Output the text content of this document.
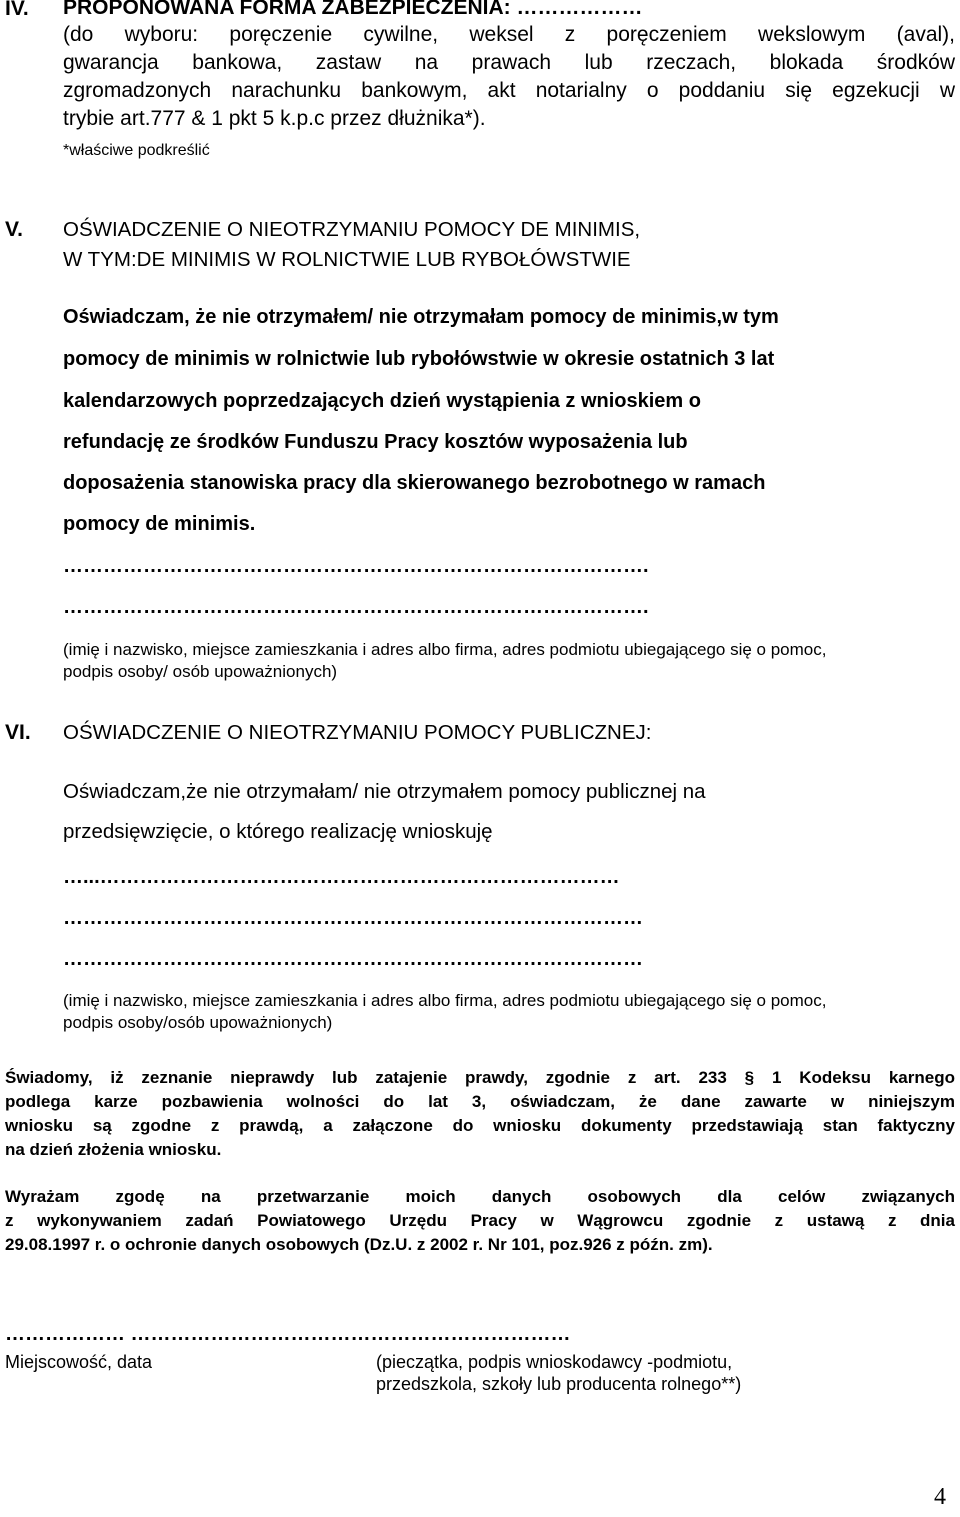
IV. PROPONOWANA FORMA ZABEZPIECZENIA: ………………
(do wyboru: poręczenie cywilne, weksel z poręczeniem wekslowym (aval),
gwarancja bankowa, zastaw na prawach lub rzeczach, blokada środków
zgromadzonych narachunku bankowym, akt notarialny o poddaniu się egzekucji w
trybie art.777 & 1 pkt 5 k.p.c przez dłużnika*).
*właściwe podkreślić
V. OŚWIADCZENIE O NIEOTRZYMANIU POMOCY DE MINIMIS,
W TYM:DE MINIMIS W ROLNICTWIE LUB RYBOŁÓWSTWIE
Oświadczam, że nie otrzymałem/ nie otrzymałam pomocy de minimis,w tym
pomocy de minimis w rolnictwie lub rybołówstwie w okresie ostatnich 3 lat
kalendarzowych poprzedzających dzień wystąpienia z wnioskiem o
refundację ze środków Funduszu Pracy kosztów wyposażenia lub
doposażenia stanowiska pracy dla skierowanego bezrobotnego w ramach
pomocy de minimis.
…………………………………………………………………………….
…………………………………………………………………………….
(imię i nazwisko, miejsce zamieszkania i adres albo firma, adres podmiotu ubiegającego się o pomoc,
podpis osoby/ osób upoważnionych)
VI. OŚWIADCZENIE O NIEOTRZYMANIU POMOCY PUBLICZNEJ:
Oświadczam,że nie otrzymałam/ nie otrzymałem pomocy publicznej na
przedsięwzięcie, o którego realizację wnioskuję
…...……………………………………………………………………
……………………………………………………………………………
……………………………………………………………………………
(imię i nazwisko, miejsce zamieszkania i adres albo firma, adres podmiotu ubiegającego się o pomoc,
podpis osoby/osób upoważnionych)
Świadomy, iż zeznanie nieprawdy lub zatajenie prawdy, zgodnie z art. 233 § 1 Kodeksu karnego
podlega karze pozbawienia wolności do lat 3, oświadczam, że dane zawarte w niniejszym
wniosku są zgodne z prawdą, a załączone do wniosku dokumenty przedstawiają stan faktyczny
na dzień złożenia wniosku.
Wyrażam zgodę na przetwarzanie moich danych osobowych dla celów związanych
z wykonywaniem zadań Powiatowego Urzędu Pracy w Wągrowcu zgodnie z ustawą z dnia
29.08.1997 r. o ochronie danych osobowych (Dz.U. z 2002 r. Nr 101, poz.926 z późn. zm).
……………… …………………………………………………………
Miejscowość, data	(pieczątka, podpis wnioskodawcy -podmiotu,
przedszkola, szkoły lub producenta rolnego**)
4
